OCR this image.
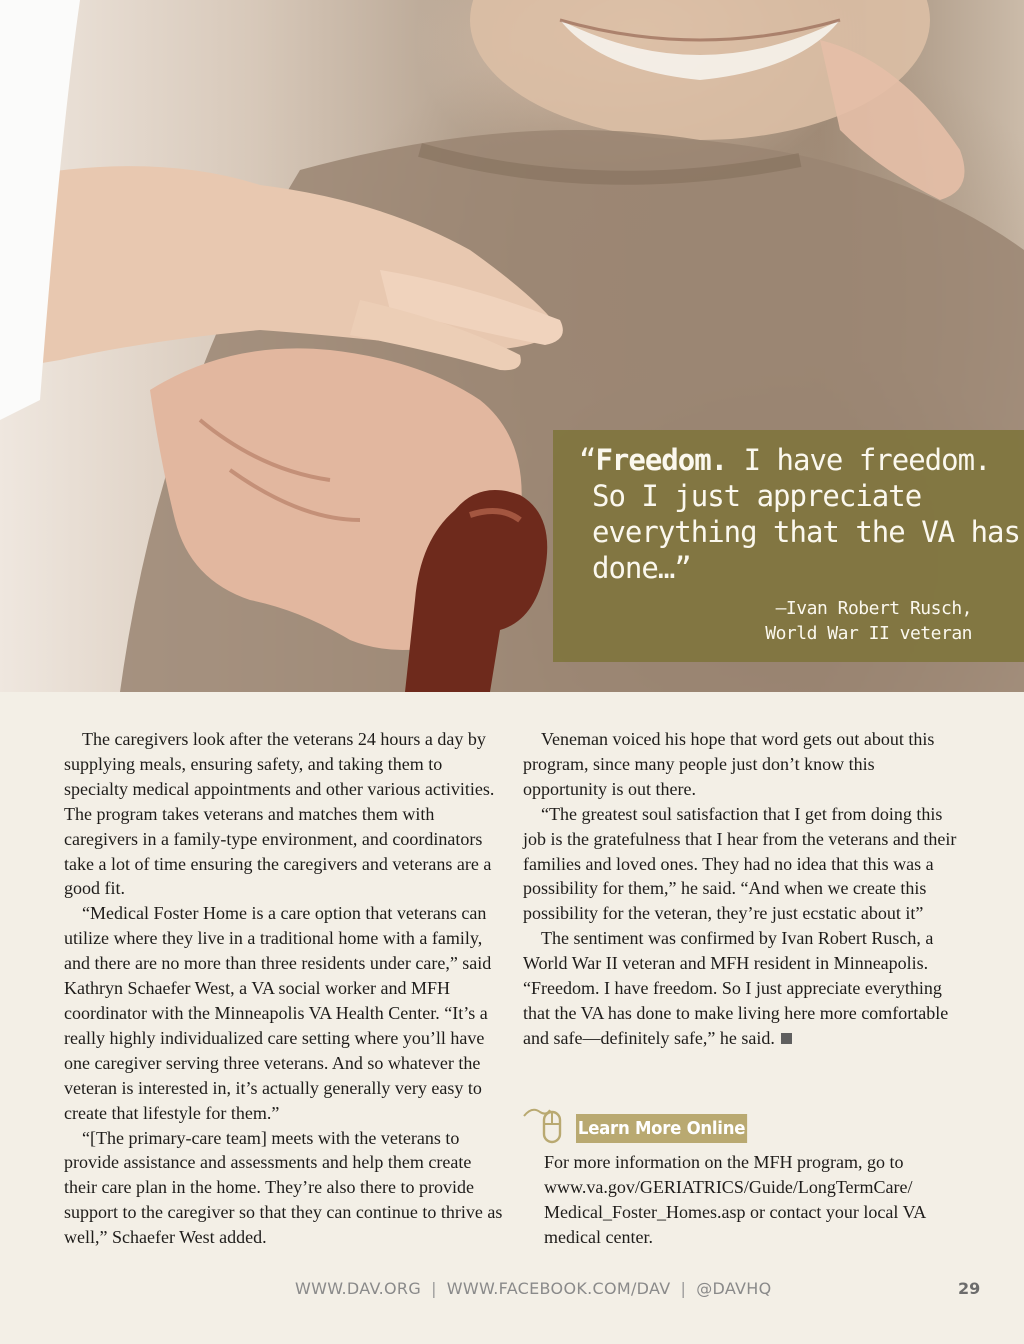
“Freedom. I have freedom. So I just appreciate everything that the VA has done…”
—Ivan Robert Rusch,
World War II veteran

The caregivers look after the veterans 24 hours a day by supplying meals, ensuring safety, and taking them to specialty medical appointments and other various activities. The program takes veterans and matches them with caregivers in a family-type environment, and coordinators take a lot of time ensuring the caregivers and veterans are a good fit.

“Medical Foster Home is a care option that veterans can utilize where they live in a traditional home with a family, and there are no more than three residents under care,” said Kathryn Schaefer West, a VA social worker and MFH coordinator with the Minneapolis VA Health Center. “It’s a really highly individualized care setting where you’ll have one caregiver serving three veterans. And so whatever the veteran is interested in, it’s actually generally very easy to create that lifestyle for them.”

“[The primary-care team] meets with the veterans to provide assistance and assessments and help them create their care plan in the home. They’re also there to provide support to the caregiver so that they can continue to thrive as well,” Schaefer West added.

Veneman voiced his hope that word gets out about this program, since many people just don’t know this opportunity is out there.

“The greatest soul satisfaction that I get from doing this job is the gratefulness that I hear from the veterans and their families and loved ones. They had no idea that this was a possibility for them,” he said. “And when we create this possibility for the veteran, they’re just ecstatic about it”

The sentiment was confirmed by Ivan Robert Rusch, a World War II veteran and MFH resident in Minneapolis. “Freedom. I have freedom. So I just appreciate everything that the VA has done to make living here more comfortable and safe—definitely safe,” he said.

Learn More Online
For more information on the MFH program, go to www.va.gov/GERIATRICS/Guide/LongTermCare/ Medical_Foster_Homes.asp or contact your local VA medical center.
WWW.DAV.ORG | WWW.FACEBOOK.COM/DAV | @DAVHQ	29
